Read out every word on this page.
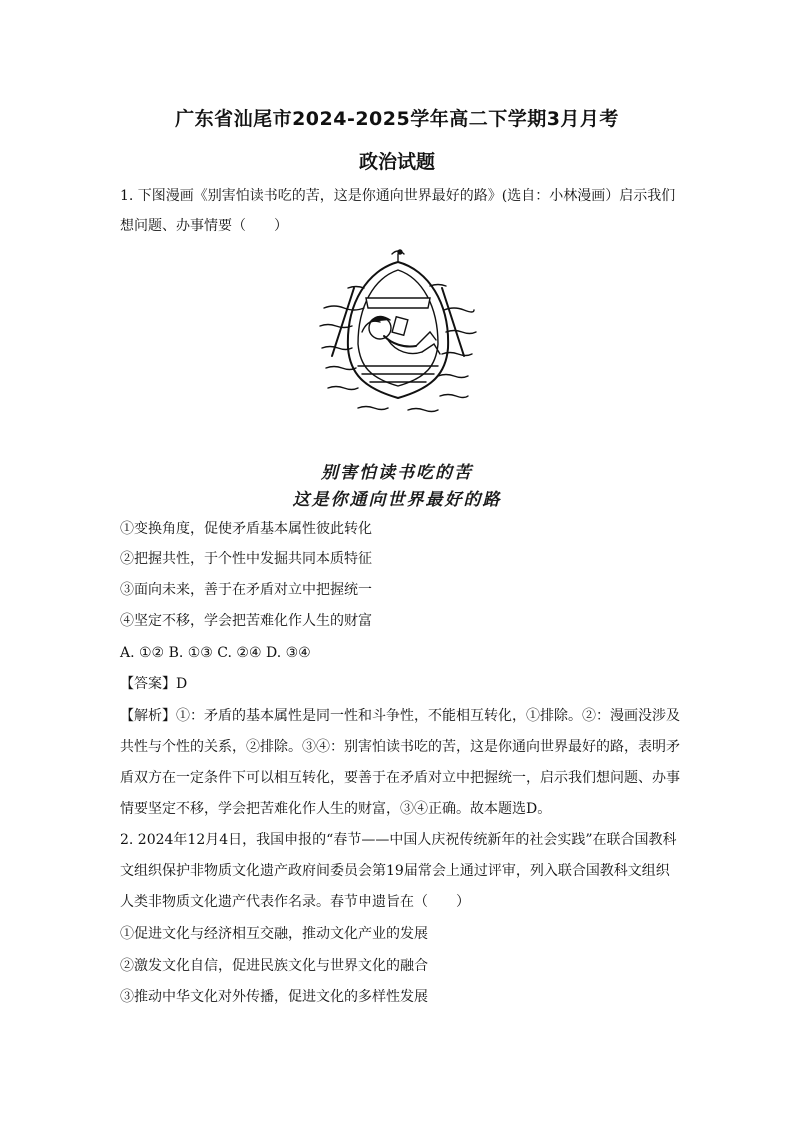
广东省汕尾市2024-2025学年高二下学期3月月考
政治试题
1. 下图漫画《别害怕读书吃的苦，这是你通向世界最好的路》(选自：小林漫画）启示我们
想问题、办事情要（　　）
别害怕读书吃的苦
这是你通向世界最好的路
①变换角度，促使矛盾基本属性彼此转化
②把握共性，于个性中发掘共同本质特征
③面向未来，善于在矛盾对立中把握统一
④坚定不移，学会把苦难化作人生的财富
A. ①② B. ①③ C. ②④ D. ③④
【答案】D
【解析】①：矛盾的基本属性是同一性和斗争性，不能相互转化，①排除。②：漫画没涉及
共性与个性的关系，②排除。③④：别害怕读书吃的苦，这是你通向世界最好的路，表明矛
盾双方在一定条件下可以相互转化，要善于在矛盾对立中把握统一，启示我们想问题、办事
情要坚定不移，学会把苦难化作人生的财富，③④正确。故本题选D。
2. 2024年12月4日，我国申报的“春节——中国人庆祝传统新年的社会实践”在联合国教科
文组织保护非物质文化遗产政府间委员会第19届常会上通过评审，列入联合国教科文组织
人类非物质文化遗产代表作名录。春节申遗旨在（　　）
①促进文化与经济相互交融，推动文化产业的发展
②激发文化自信，促进民族文化与世界文化的融合
③推动中华文化对外传播，促进文化的多样性发展
